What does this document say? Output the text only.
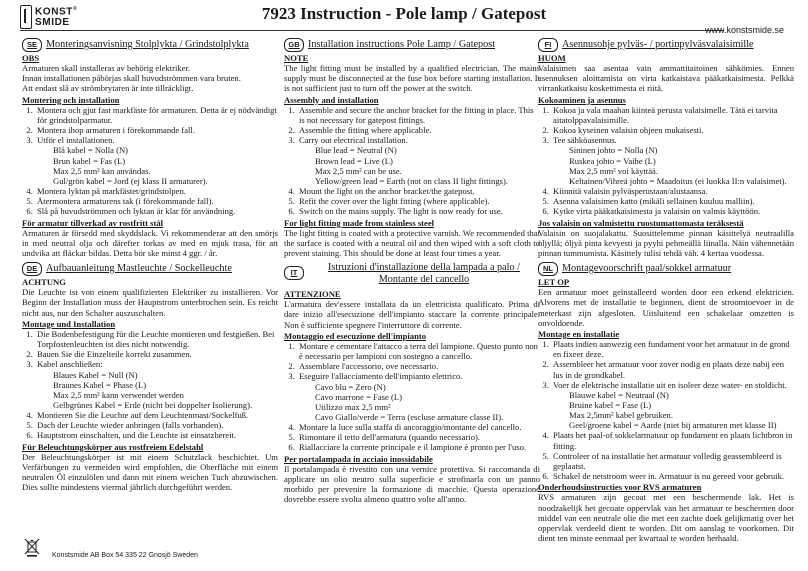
KONST®
SMIDE	7923 Instruction - Pole lamp / Gatepost
www.konstsmide.se
SE Monteringsanvisning Stolplykta / Grindstolplykta

OBS

Armaturen skall installeras av behörig elektriker.

Innan installationen påbörjas skall huvudströmmen vara bruten.

Att endast slå av strömbrytaren är inte tillräckligt.

Montering och installation

1. Montera och gjut fast markfäste för armaturen. Detta är ej nödvändigt för grindstolparmatur.
2. Montera ihop armaturen i förekommande fall.
3. Utför el installationen.
Blå kabel = Nolla (N)
Brun kabel = Fas (L)
Max 2,5 mm² kan användas.
Gul/grön kabel = Jord (ej klass II armaturer).
4. Montera lyktan på markfästet/grindstolpen.
5. Återmontera armaturens tak (i förekommande fall).
6. Slå på huvudströmmen och lyktan är klar för användning.

För armatur tillverkad av rostfritt stål

Armaturen är försedd med skyddslack. Vi rekommenderar att den smörjs in med neutral olja och därefter torkas av med en mjuk trasa, för att undvika att fläckar bildas. Detta bör ske minst 4 ggr. / år.

DE Aufbauanleitung Mastleuchte / Sockelleuchte

ACHTUNG

Die Leuchte ist von einem qualifizierten Elektriker zu installieren. Vor Beginn der Installation muss der Hauptstrom unterbrochen sein. Es reicht nicht aus, nur den Schalter auszuschalten.

Montage und Installation

1. Die Bodenbefestigung für die Leuchte montieren und festgießen. Bei Torpfostenleuchten ist dies nicht notwendig.
2. Bauen Sie die Einzelteile korrekt zusammen.
3. Kabel anschließen:
Blaues Kabel = Null (N)
Braunes Kabel = Phase (L)
Max 2,5 mm² kann verwendet werden
Gelbgrünes Kabel = Erde (nicht bei doppelter Isolierung).
4. Montieren Sie die Leuchte auf dem Leuchtenmast/Sockelfuß.
5. Dach der Leuchte wieder anbringen (falls vorhanden).
6. Hauptstrom einschalten, und die Leuchte ist einsatzbereit.

Für Beleuchtungskörper aus rostfreiem Edelstahl

Der Beleuchtungskörper ist mit einem Schutzlack beschichtet. Um Verfärbungen zu vermeiden wird empfohlen, die Oberfläche mit einem neutralen Öl einzulölen und dann mit einem weichen Tuch abzuwischen. Dies sollte mindestens viermal jährlich durchgeführt werden.

GB Installation instructions Pole Lamp / Gatepost

NOTE

The light fitting must be installed by a qualified electrician. The mains supply must be disconnected at the fuse box before starting installation. It is not sufficient just to turn off the power at the switch.

Assembly and installation

1. Assemble and secure the anchor bracket for the fitting in place. This is not necessary for gatepost fittings.
2. Assemble the fitting where applicable.
3. Carry out electrical installation.
Blue lead = Neutral (N)
Brown lead = Live (L)
Max 2,5 mm² can be use.
Yellow/green lead = Earth (not on class II light fittings).
4. Mount the light on the anchor bracket/the gatepost.
5. Refit the cover over the light fitting (where applicable).
6. Switch on the mains supply. The light is now ready for use.

For light fitting made from stainless steel

The light fitting is coated with a protective varnish. We recommended that the surface is coated with a neutral oil and then wiped with a soft cloth to prevent staining. This should be done at least four times a year.

IT	Istruzioni d'installazione della lampada a palo /
Montante del cancello

ATTENZIONE

L'armatura dev'essere installata da un elettricista qualificato. Prima di dare inizio all'esecuzione dell'impianto staccare la corrente principale. Non è sufficiente spegnere l'interruttore di corrente.

Montaggio ed esecuzione dell'impianto

1. Montare e cementare l'attacco a terra del lampione. Questo punto non è necessario per lampioni con sostegno a cancello.
2. Assemblare l'accessorio, ove necessario.
3. Eseguire l'allacciamento dell'impianto elettrico.
Cavo blu = Zero (N)
Cavo marrone = Fase (L)
Utilizzo max 2,5 mm²
Cavo Giallo/verde = Terra (escluse armature classe II).
4. Montare la luce sulla staffa di ancoraggio/montante del cancello.
5. Rimontare il tetto dell'armatura (quando necessario).
6. Riallacciare la corrente principale e il lampione è pronto per l'uso.

Per portalampada in acciaio inossidabile

Il portalampada è rivestito con una vernice protettiva. Si raccomanda di applicare un olio neutro sulla superficie e strofinarla con un panno morbido per prevenire la formazione di macchie. Questa operazione dovrebbe essere svolta almeno quattro volte all'anno.

FI	Asennusohje pylväs- / portinpylväsvalaisimille

HUOM

Valaisimen saa asentaa vain ammattitaitoinen sähkömies. Ennen asennuksen aloittamista on virta katkaistava pääkatkaisimesta. Pelkkä virrankatkaisu koskettimesta ei riitä.

Kokoaminen ja asennus

1. Kokoa ja vala maahan kiinteä perusta valaisimelle. Tätä ei tarvita aitatolppavalaisimille.
2. Kokoa kyseinen valaisin ohjeen mukaisesti.
3. Tee sähköasennus.
Sininen johto = Nolla (N)
Ruskea johto = Vaihe (L)
Max 2,5 mm² voi käyttää.
Keltainen/Vihreä johto = Maadoitus (ei luokka II:n valaisimet).
4. Kiinnitä valaisin pylväsperustaan/alustaansa.
5. Asenna valaisimen katto (mikäli sellainen kuuluu malliin).
6. Kytke virta pääkatkaisimesta ja valaisin on valmis käyttöön.

Jos valaisin on valmistettu ruostumattomasta teräksestä

Valaisin on suojalakattu. Suosittelemme pinnan käsittelyä neutraalilla öljyllä; öljyä pinta kevyesti ja pyyhi pehmeällä liinalla. Näin vähennetään pinnan tummumista. Käsittely tulisi tehdä väh. 4 kertaa vuodessa.

NL Montagevoorschrift paal/sokkel armatuur

LET OP

Een armatuur moet geïnstalleerd worden door een erkend elektricien. Alvorens met de installatie te beginnen, dient de stroomtoevoer in de meterkast zijn afgesloten. Uitsluitend een schakelaar omzetten is onvoldoende.

Montage en installatie

1. Plaats indien aanwezig een fundament voor het armatuur in de grond en fixeer deze.
2. Assembleer het armatuur voor zover nodig en plaats deze nabij een lus in de grondkabel.
3. Voer de elektrische installatie uit en isoleer deze water- en stoldicht.
Blauwe kabel = Neutraal (N)
Bruine kabel = Fase (L)
Max 2,5mm² kabel gebruiken.
Geel/groene kabel = Aarde (niet bij armaturen met klasse II)
4. Plaats het paal-of sokkelarmatuur op fundament en plaats lichtbron in fitting.
5. Controleer of na installatie het armatuur volledig geassembleerd is geplaatst.
6. Schakel de netstroom weer in. Armatuur is nu gereed voor gebruik.

Onderhoudsinstructies voor RVS armaturen

RVS armaturen zijn gecoat met een beschermende lak. Het is noodzakelijk het gecoate oppervlak van het armatuur te beschermen door middel van een neutrale olie die met een zachte doek gelijkmatig over het oppervlak verdeeld dient te worden. Dit om aanslag te voorkomen. Dit dient ten minste eenmaal per kwartaal te worden herhaald.

Konstsmide AB Box 54 335 22 Gnosjö Sweden
